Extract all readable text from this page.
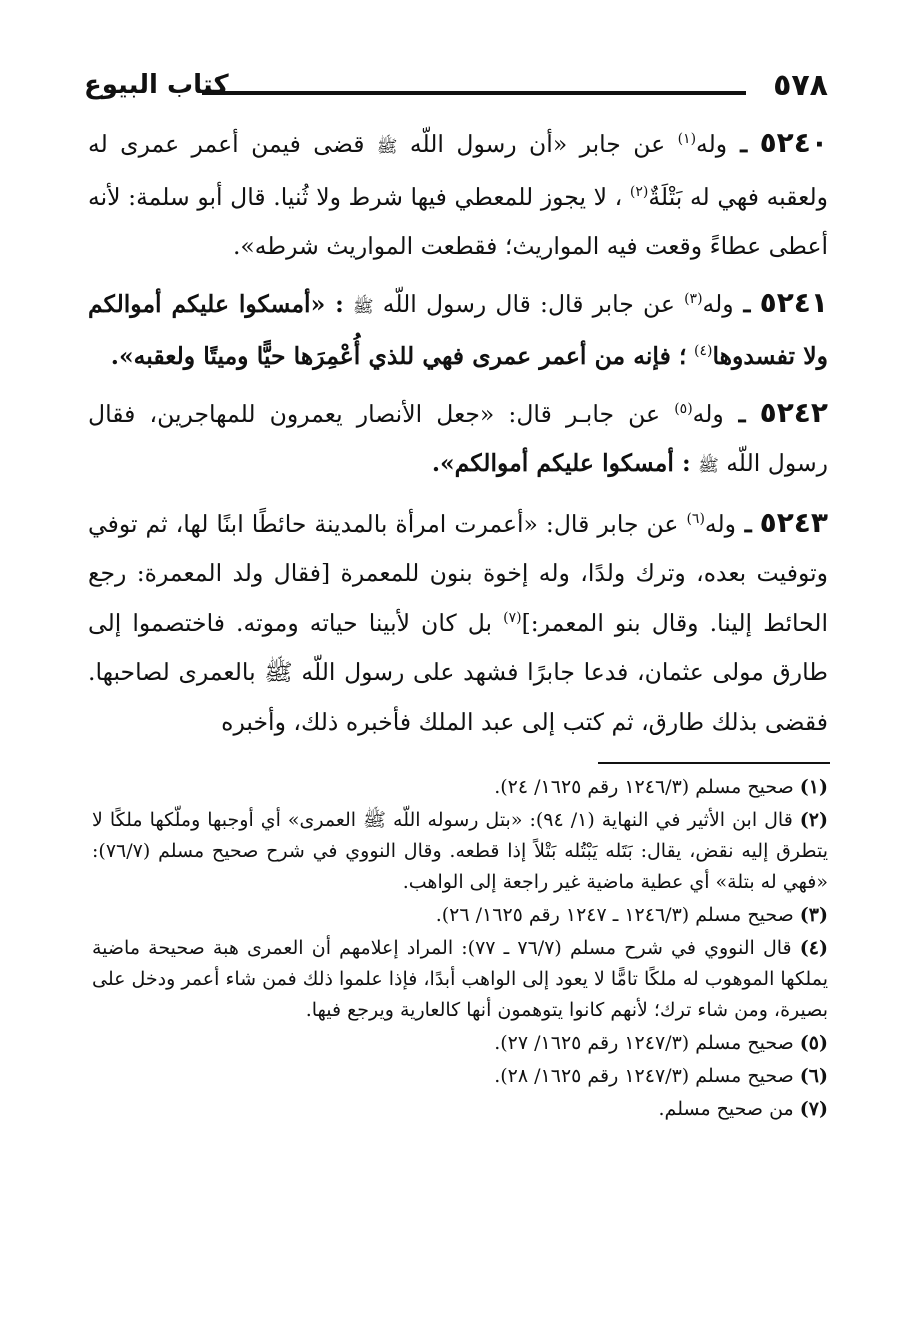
٥٧٨
كتاب البيوع

٥٢٤٠ ـ وله$^{(١)}$ عن جابر «أن رسول اللّه ﷺ قضى فيمن أعمر عمرى له ولعقبه فهي له بَتْلَةٌ$^{(٢)}$ ، لا يجوز للمعطي فيها شرط ولا ثُنيا. قال أبو سلمة: لأنه أعطى عطاءً وقعت فيه المواريث؛ فقطعت المواريث شرطه».

٥٢٤١ ـ وله$^{(٣)}$ عن جابر قال: قال رسول اللّه ﷺ : «أمسكوا عليكم أموالكم ولا تفسدوها$^{(٤)}$ ؛ فإنه من أعمر عمرى فهي للذي أُعْمِرَها حيًّا وميتًا ولعقبه».

٥٢٤٢ ـ وله$^{(٥)}$ عن جابـر قال: «جعل الأنصار يعمرون للمهاجرين، فقال رسول اللّه ﷺ : أمسكوا عليكم أموالكم».

٥٢٤٣ ـ وله$^{(٦)}$ عن جابر قال: «أعمرت امرأة بالمدينة حائطًا ابنًا لها، ثم توفي وتوفيت بعده، وترك ولدًا، وله إخوة بنون للمعمرة [فقال ولد المعمرة: رجع الحائط إلينا. وقال بنو المعمر:]$^{(٧)}$ بل كان لأبينا حياته وموته. فاختصموا إلى طارق مولى عثمان، فدعا جابرًا فشهد على رسول اللّه ﷺ بالعمرى لصاحبها. فقضى بذلك طارق، ثم كتب إلى عبد الملك فأخبره ذلك، وأخبره

(١) صحيح مسلم (١٢٤٦/٣ رقم ١٦٢٥/ ٢٤).

(٢) قال ابن الأثير في النهاية (١/ ٩٤): «بتل رسوله اللّه ﷺ العمرى» أي أوجبها وملّكها ملكًا لا يتطرق إليه نقض، يقال: بَتَله يَبْتُله بَتْلاً إذا قطعه. وقال النووي في شرح صحيح مسلم (٧٦/٧): «فهي له بتلة» أي عطية ماضية غير راجعة إلى الواهب.

(٣) صحيح مسلم (١٢٤٦/٣ ـ ١٢٤٧ رقم ١٦٢٥/ ٢٦).

(٤) قال النووي في شرح مسلم (٧٦/٧ ـ ٧٧): المراد إعلامهم أن العمرى هبة صحيحة ماضية يملكها الموهوب له ملكًا تامًّا لا يعود إلى الواهب أبدًا، فإذا علموا ذلك فمن شاء أعمر ودخل على بصيرة، ومن شاء ترك؛ لأنهم كانوا يتوهمون أنها كالعارية ويرجع فيها.

(٥) صحيح مسلم (١٢٤٧/٣ رقم ١٦٢٥/ ٢٧).

(٦) صحيح مسلم (١٢٤٧/٣ رقم ١٦٢٥/ ٢٨).

(٧) من صحيح مسلم.
